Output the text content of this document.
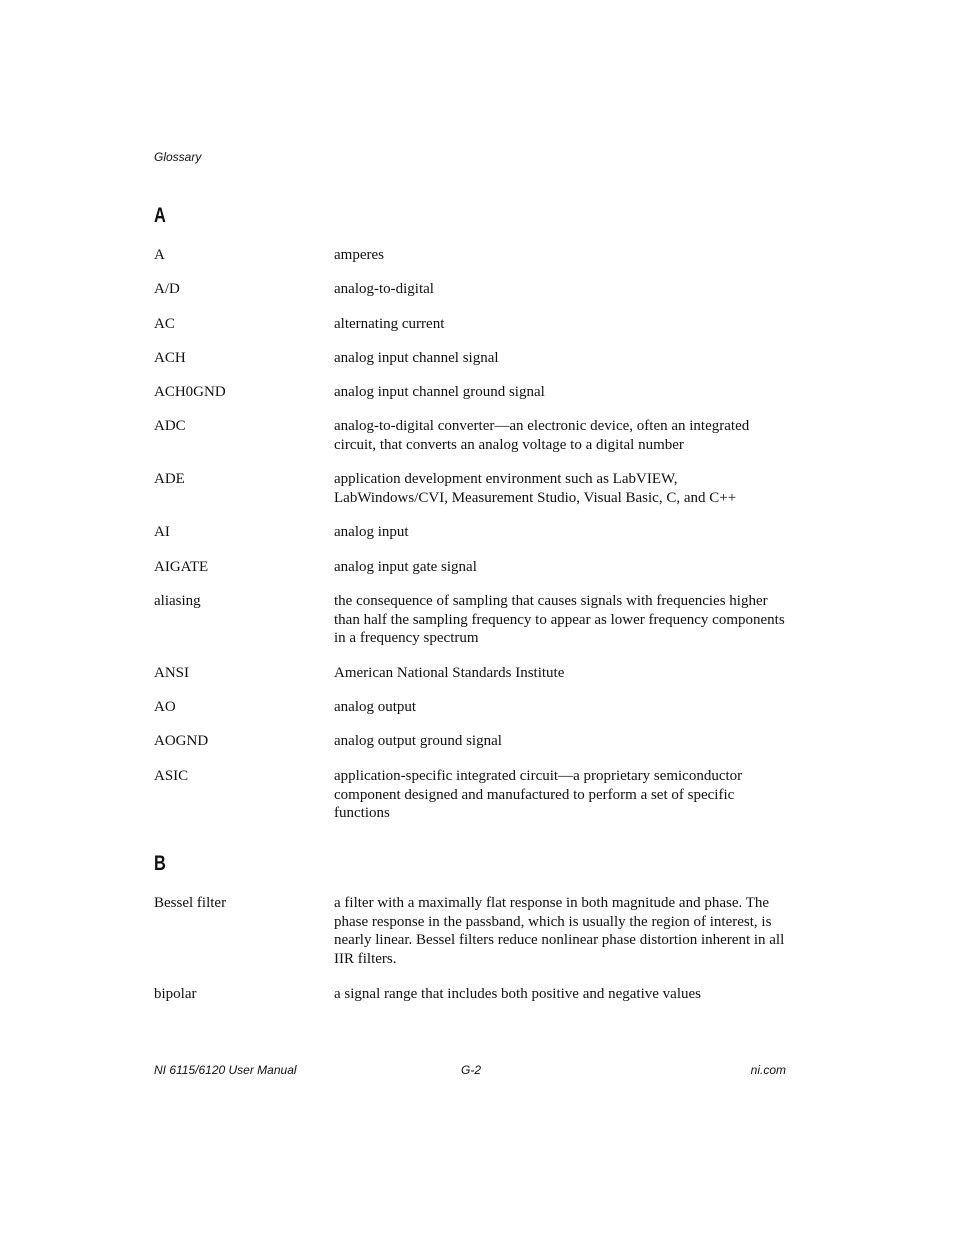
Glossary
A
A	amperes
A/D	analog-to-digital
AC	alternating current
ACH	analog input channel signal
ACH0GND	analog input channel ground signal
ADC	analog-to-digital converter—an electronic device, often an integrated circuit, that converts an analog voltage to a digital number
ADE	application development environment such as LabVIEW, LabWindows/CVI, Measurement Studio, Visual Basic, C, and C++
AI	analog input
AIGATE	analog input gate signal
aliasing	the consequence of sampling that causes signals with frequencies higher than half the sampling frequency to appear as lower frequency components in a frequency spectrum
ANSI	American National Standards Institute
AO	analog output
AOGND	analog output ground signal
ASIC	application-specific integrated circuit—a proprietary semiconductor component designed and manufactured to perform a set of specific functions
B
Bessel filter	a filter with a maximally flat response in both magnitude and phase. The phase response in the passband, which is usually the region of interest, is nearly linear. Bessel filters reduce nonlinear phase distortion inherent in all IIR filters.
bipolar	a signal range that includes both positive and negative values
NI 6115/6120 User Manual	G-2	ni.com
